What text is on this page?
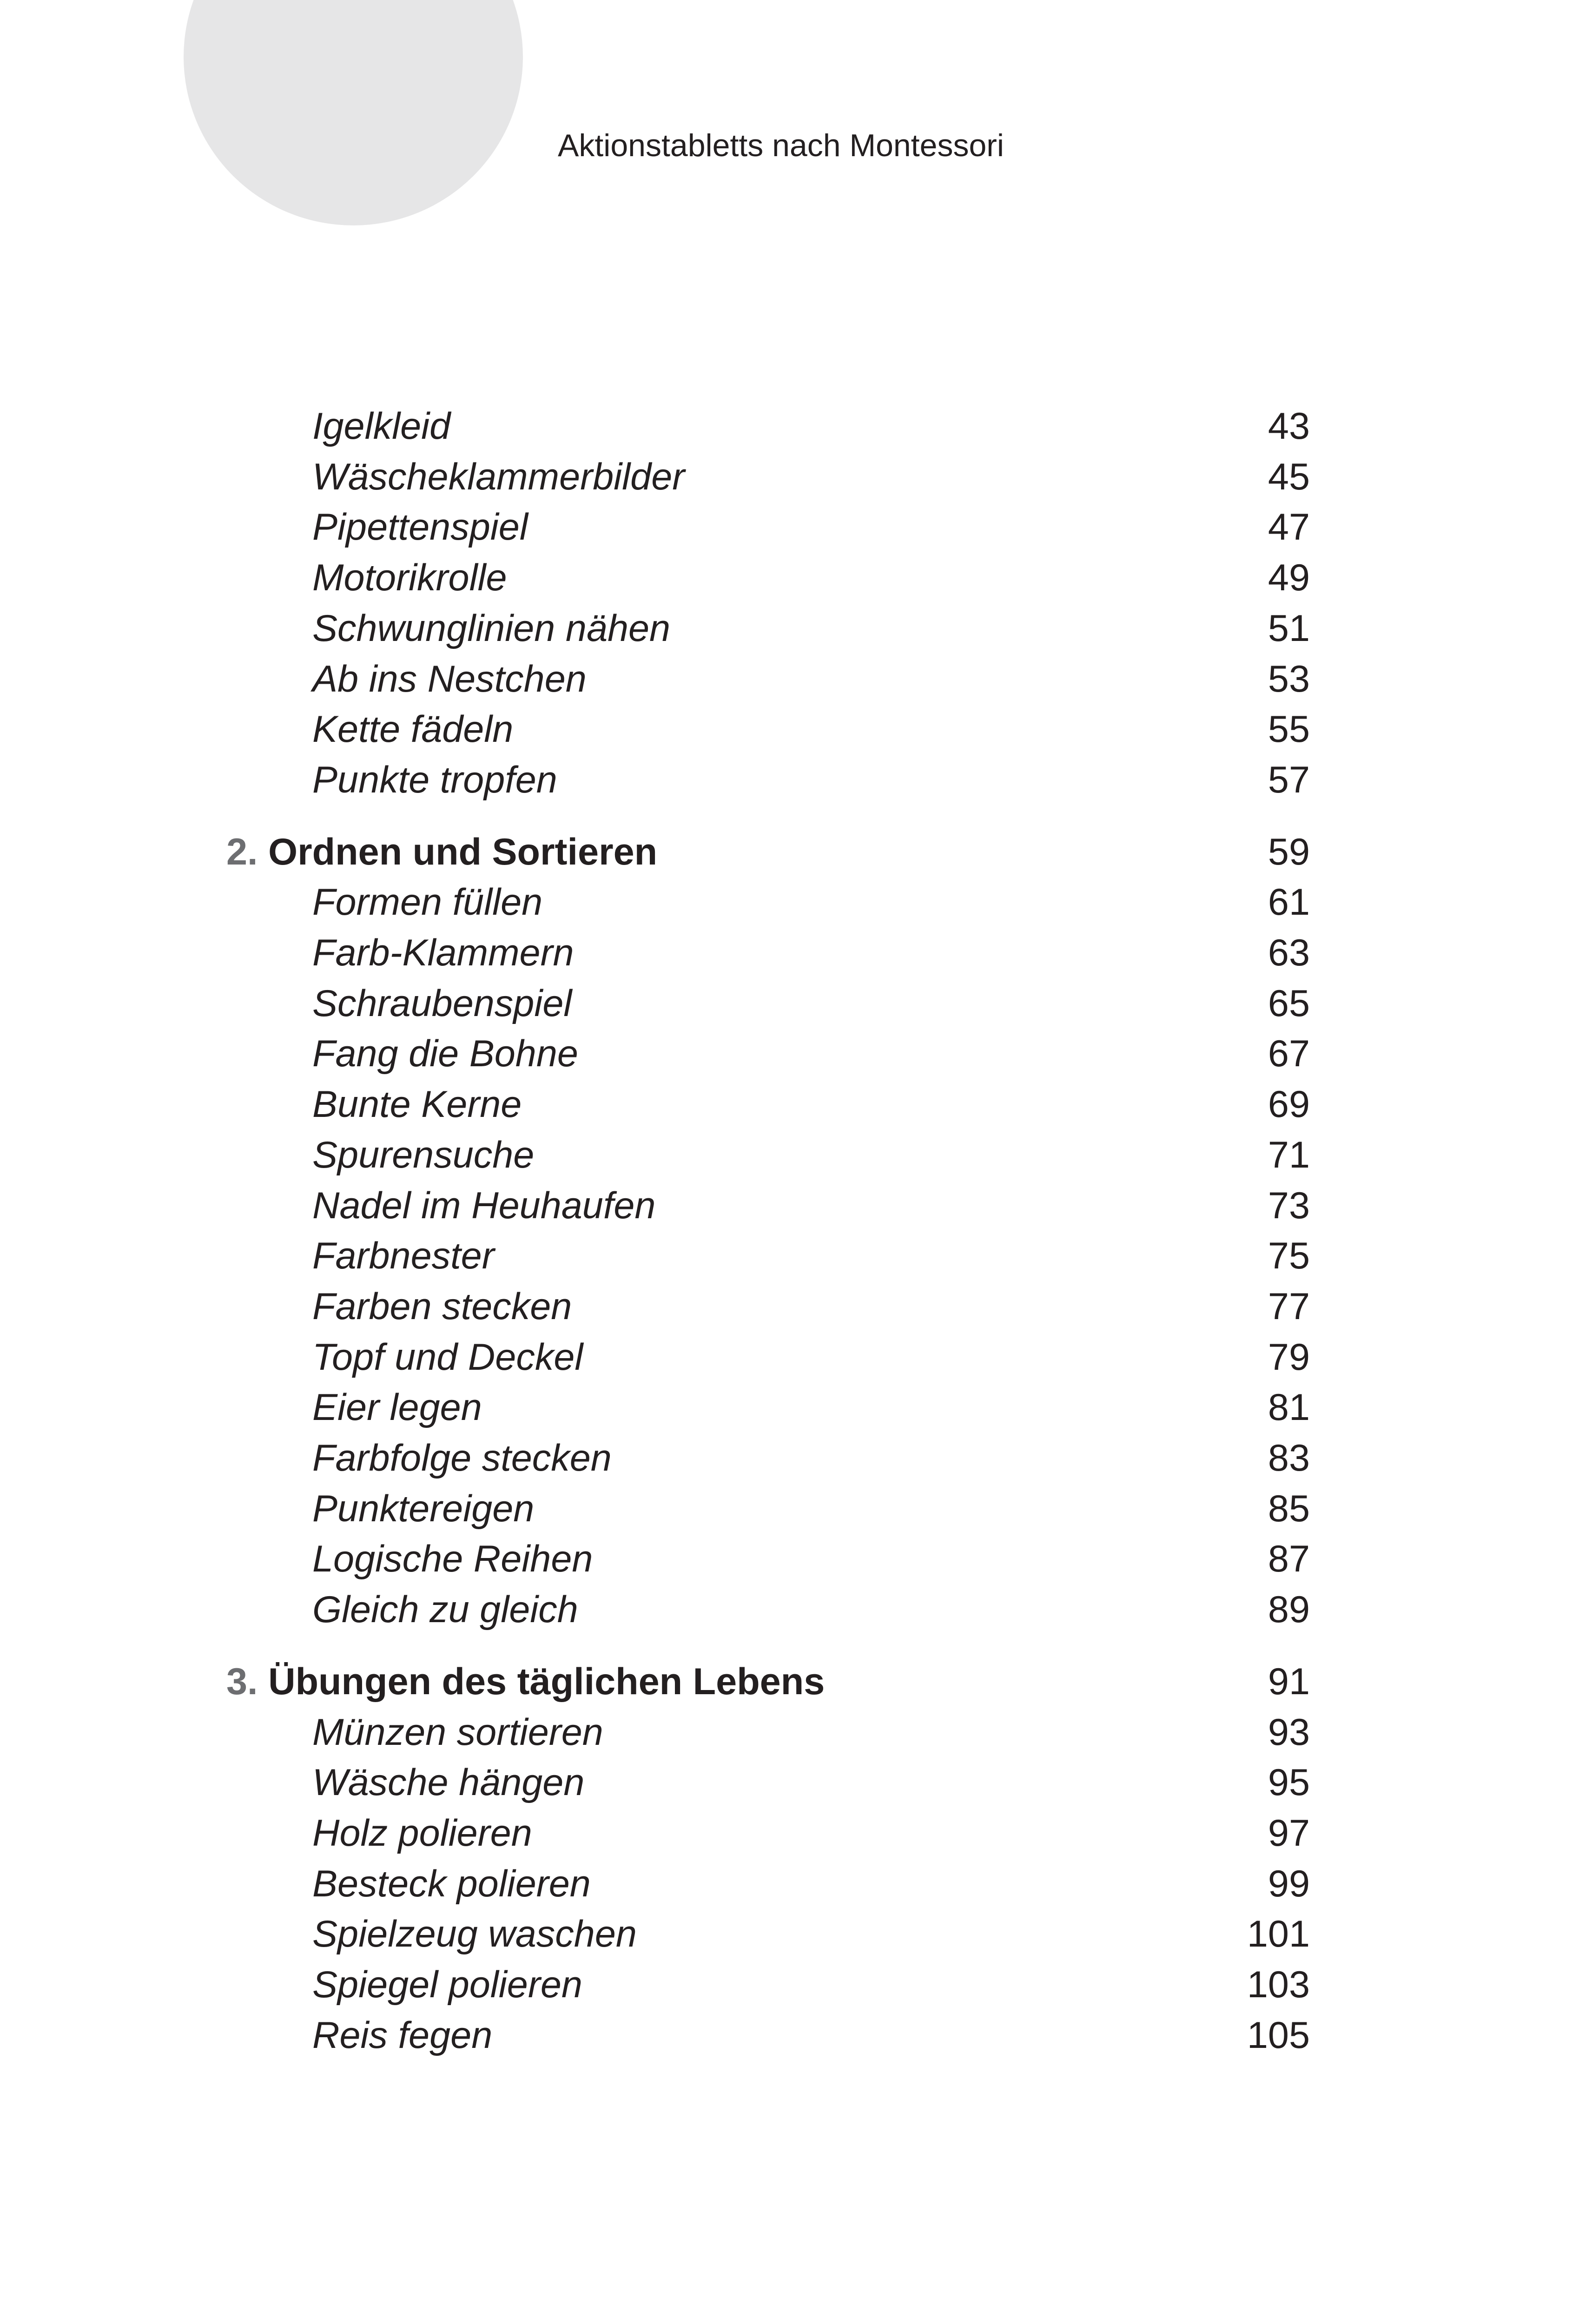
Aktionstabletts nach Montessori
Igelkleid	43
Wäscheklammerbilder	45
Pipettenspiel	47
Motorikrolle	49
Schwunglinien nähen	51
Ab ins Nestchen	53
Kette fädeln	55
Punkte tropfen	57
2. Ordnen und Sortieren	59
Formen füllen	61
Farb-Klammern	63
Schraubenspiel	65
Fang die Bohne	67
Bunte Kerne	69
Spurensuche	71
Nadel im Heuhaufen	73
Farbnester	75
Farben stecken	77
Topf und Deckel	79
Eier legen	81
Farbfolge stecken	83
Punktereigen	85
Logische Reihen	87
Gleich zu gleich	89
3. Übungen des täglichen Lebens	91
Münzen sortieren	93
Wäsche hängen	95
Holz polieren	97
Besteck polieren	99
Spielzeug waschen	101
Spiegel polieren	103
Reis fegen	105
